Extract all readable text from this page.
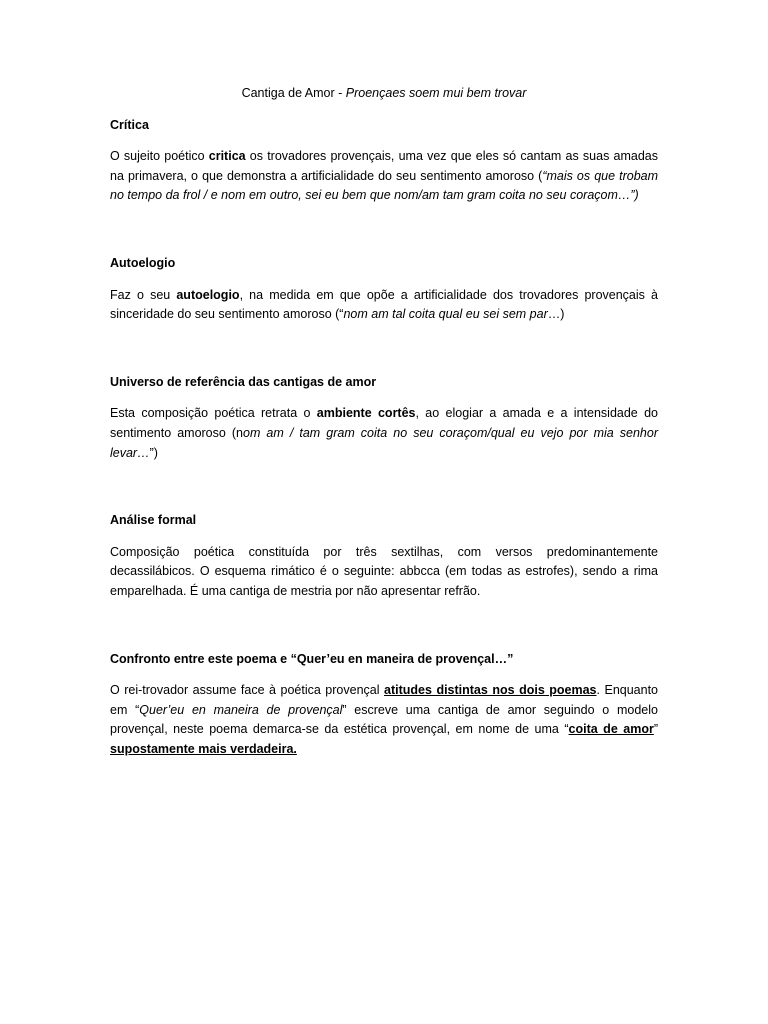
Cantiga de Amor - Proençaes soem mui bem trovar
Crítica

O sujeito poético critica os trovadores provençais, uma vez que eles só cantam as suas amadas na primavera, o que demonstra a artificialidade do seu sentimento amoroso (“mais os que trobam no tempo da frol / e nom em outro, sei eu bem que nom/am tam gram coita no seu coraçom…”)

Autoelogio

Faz o seu autoelogio, na medida em que opõe a artificialidade dos trovadores provençais à sinceridade do seu sentimento amoroso (“nom am tal coita qual eu sei sem par…)

Universo de referência das cantigas de amor

Esta composição poética retrata o ambiente cortês, ao elogiar a amada e a intensidade do sentimento amoroso (nom am / tam gram coita no seu coraçom/qual eu vejo por mia senhor levar…”)

Análise formal

Composição poética constituída por três sextilhas, com versos predominantemente decassilábicos. O esquema rimático é o seguinte: abbcca (em todas as estrofes), sendo a rima emparelhada. É uma cantiga de mestria por não apresentar refrão.

Confronto entre este poema e “Quer’eu en maneira de provençal…”

O rei-trovador assume face à poética provençal atitudes distintas nos dois poemas. Enquanto em “Quer’eu en maneira de provençal” escreve uma cantiga de amor seguindo o modelo provençal, neste poema demarca-se da estética provençal, em nome de uma “coita de amor” supostamente mais verdadeira.
